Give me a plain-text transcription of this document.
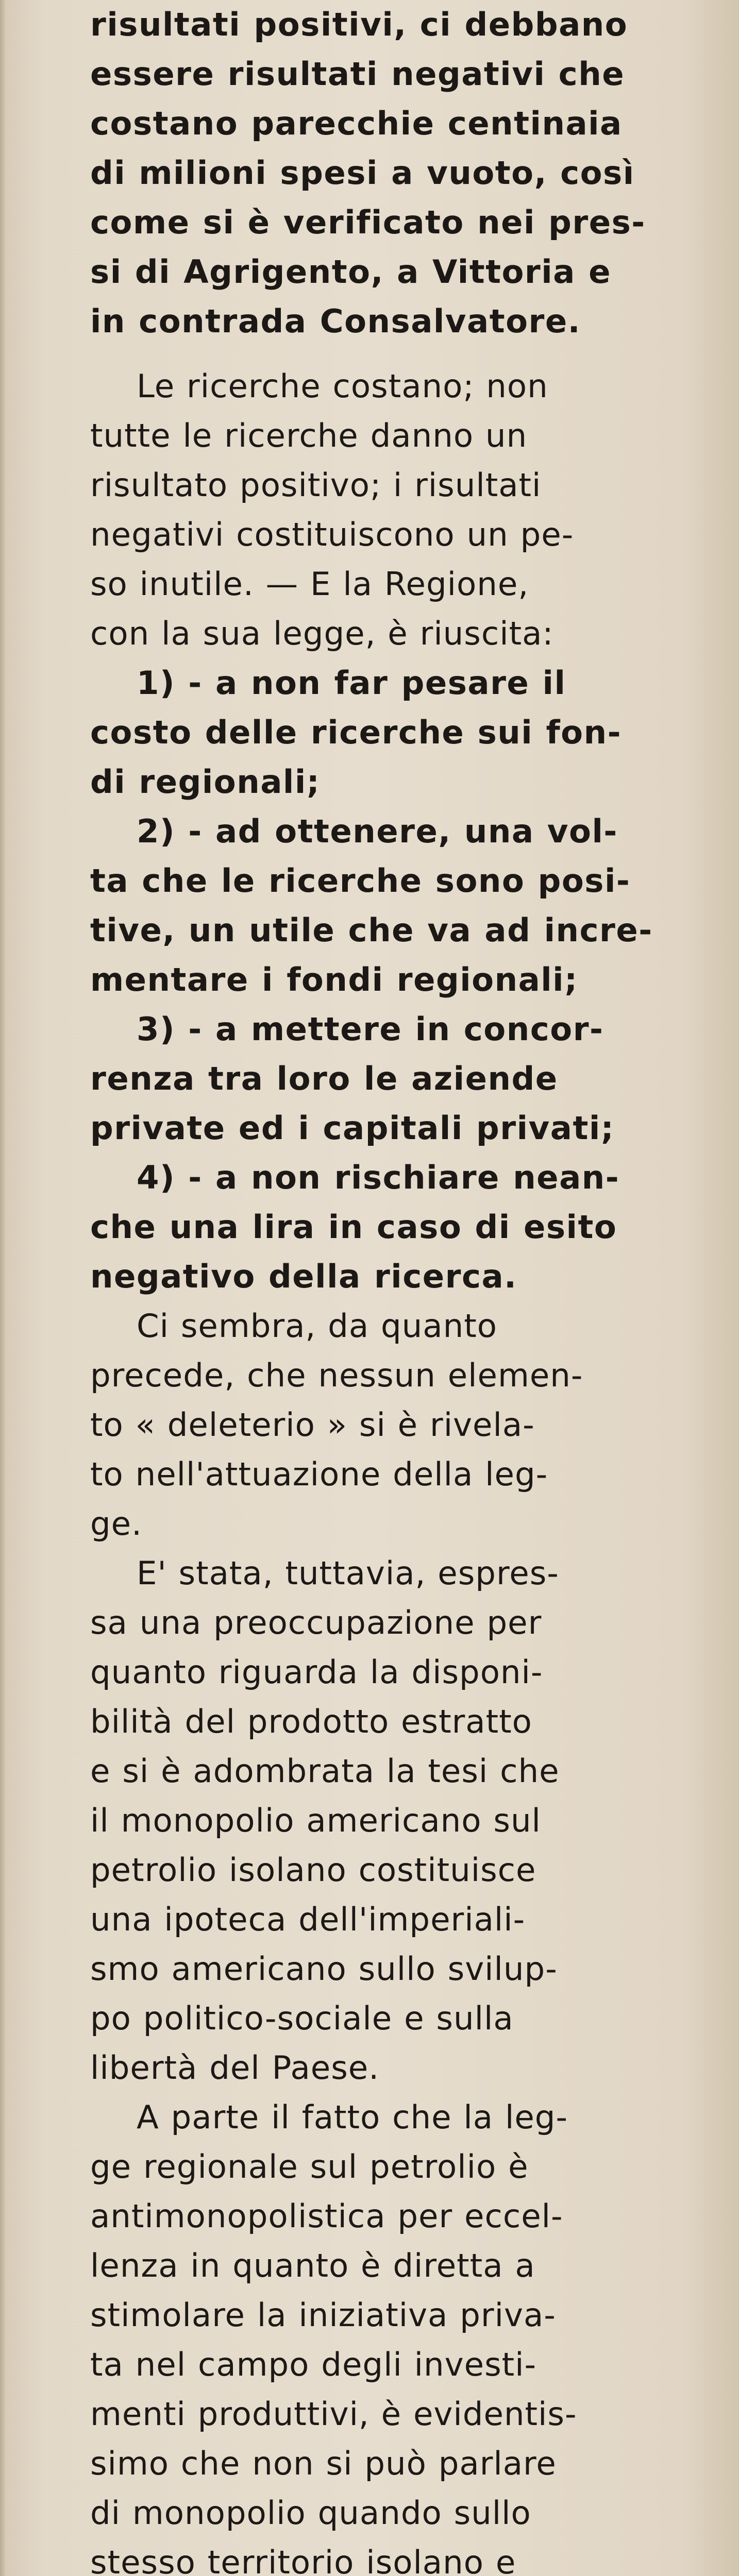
risultati positivi, ci debbano
essere risultati negativi che
costano parecchie centinaia
di milioni spesi a vuoto, così
come si è verificato nei pres-
si di Agrigento, a Vittoria e
in contrada Consalvatore.
Le ricerche costano; non
tutte le ricerche danno un
risultato positivo; i risultati
negativi costituiscono un pe-
so inutile. — E la Regione,
con la sua legge, è riuscita:
1) - a non far pesare il
costo delle ricerche sui fon-
di regionali;
2) - ad ottenere, una vol-
ta che le ricerche sono posi-
tive, un utile che va ad incre-
mentare i fondi regionali;
3) - a mettere in concor-
renza tra loro le aziende
private ed i capitali privati;
4) - a non rischiare nean-
che una lira in caso di esito
negativo della ricerca.
Ci sembra, da quanto
precede, che nessun elemen-
to « deleterio » si è rivela-
to nell'attuazione della leg-
ge.
E' stata, tuttavia, espres-
sa una preoccupazione per
quanto riguarda la disponi-
bilità del prodotto estratto
e si è adombrata la tesi che
il monopolio americano sul
petrolio isolano costituisce
una ipoteca dell'imperiali-
smo americano sullo svilup-
po politico-sociale e sulla
libertà del Paese.
A parte il fatto che la leg-
ge regionale sul petrolio è
antimonopolistica per eccel-
lenza in quanto è diretta a
stimolare la iniziativa priva-
ta nel campo degli investi-
menti produttivi, è evidentis-
simo che non si può parlare
di monopolio quando sullo
stesso territorio isolano e
